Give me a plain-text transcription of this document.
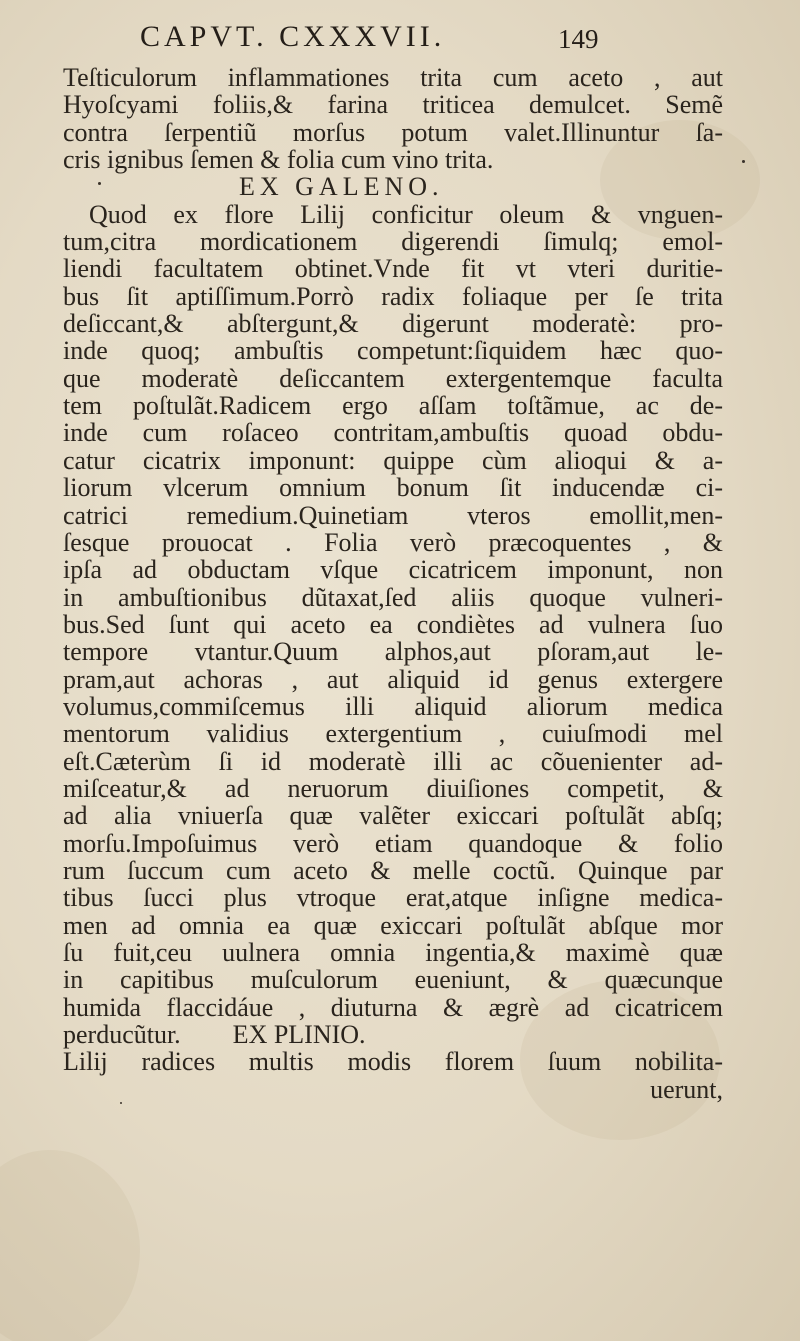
CAPVT. CXXXVII.	149
Teſticulorum inflammationes trita cum aceto , aut
Hyoſcyami foliis,& farina triticea demulcet. Semẽ
contra ſerpentiũ morſus potum valet.Illinuntur ſa-
cris ignibus ſemen & folia cum vino trita.
EX GALENO.
Quod ex flore Lilij conficitur oleum & vnguen-
tum,citra mordicationem digerendi ſimulq; emol-
liendi facultatem obtinet.Vnde fit vt vteri duritie-
bus ſit aptiſſimum.Porrò radix foliaque per ſe trita
deſiccant,& abſtergunt,& digerunt moderatè: pro-
inde quoq; ambuſtis competunt:ſiquidem hæc quo-
que moderatè deſiccantem extergentemque faculta
tem poſtulãt.Radicem ergo aſſam toſtãmue, ac de-
inde cum roſaceo contritam,ambuſtis quoad obdu-
catur cicatrix imponunt: quippe cùm alioqui & a-
liorum vlcerum omnium bonum ſit inducendæ ci-
catrici remedium.Quinetiam vteros emollit,men-
ſesque prouocat . Folia verò præcoquentes , &
ipſa ad obductam vſque cicatricem imponunt, non
in ambuſtionibus dũtaxat,ſed aliis quoque vulneri-
bus.Sed ſunt qui aceto ea condiètes ad vulnera ſuo
tempore vtantur.Quum alphos,aut pſoram,aut le-
pram,aut achoras , aut aliquid id genus extergere
volumus,commiſcemus illi aliquid aliorum medica
mentorum validius extergentium , cuiuſmodi mel
eſt.Cæterùm ſi id moderatè illi ac cõuenienter ad-
miſceatur,& ad neruorum diuiſiones competit, &
ad alia vniuerſa quæ valẽter exiccari poſtulãt abſq;
morſu.Impoſuimus verò etiam quandoque & folio
rum ſuccum cum aceto & melle coctũ. Quinque par
tibus ſucci plus vtroque erat,atque inſigne medica-
men ad omnia ea quæ exiccari poſtulãt abſque mor
ſu fuit,ceu uulnera omnia ingentia,& maximè quæ
in capitibus muſculorum eueniunt, & quæcunque
humida flaccidáue , diuturna & ægrè ad cicatricem
perducũtur.        EX PLINIO.
Lilij radices multis modis florem ſuum nobilita-
uerunt,
